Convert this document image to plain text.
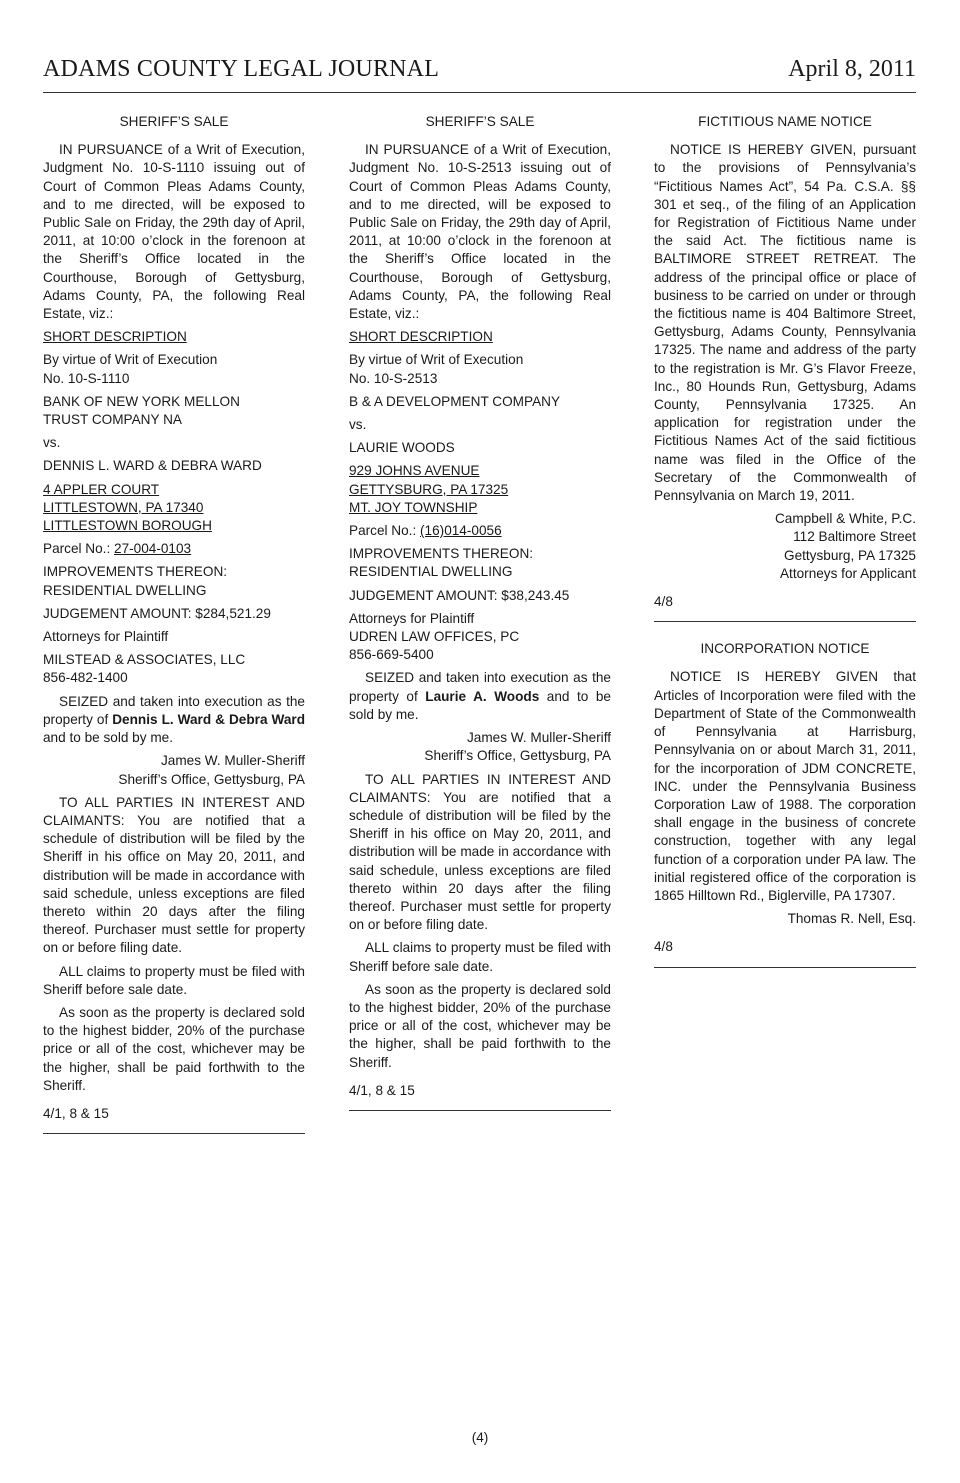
ADAMS COUNTY LEGAL JOURNAL	April 8, 2011
SHERIFF’S SALE

IN PURSUANCE of a Writ of Execution, Judgment No. 10-S-1110 issuing out of Court of Common Pleas Adams County, and to me directed, will be exposed to Public Sale on Friday, the 29th day of April, 2011, at 10:00 o’clock in the forenoon at the Sheriff’s Office located in the Courthouse, Borough of Gettysburg, Adams County, PA, the following Real Estate, viz.:

SHORT DESCRIPTION

By virtue of Writ of Execution
No. 10-S-1110

BANK OF NEW YORK MELLON
TRUST COMPANY NA

vs.

DENNIS L. WARD & DEBRA WARD

4 APPLER COURT
LITTLESTOWN, PA 17340
LITTLESTOWN BOROUGH

Parcel No.: 27-004-0103

IMPROVEMENTS THEREON:
RESIDENTIAL DWELLING

JUDGEMENT AMOUNT: $284,521.29

Attorneys for Plaintiff

MILSTEAD & ASSOCIATES, LLC
856-482-1400

SEIZED and taken into execution as the property of Dennis L. Ward & Debra Ward and to be sold by me.

James W. Muller-Sheriff
Sheriff’s Office, Gettysburg, PA

TO ALL PARTIES IN INTEREST AND CLAIMANTS: You are notified that a schedule of distribution will be filed by the Sheriff in his office on May 20, 2011, and distribution will be made in accordance with said schedule, unless exceptions are filed thereto within 20 days after the filing thereof. Purchaser must settle for property on or before filing date.

ALL claims to property must be filed with Sheriff before sale date.

As soon as the property is declared sold to the highest bidder, 20% of the purchase price or all of the cost, whichever may be the higher, shall be paid forthwith to the Sheriff.

4/1, 8 & 15

SHERIFF’S SALE

IN PURSUANCE of a Writ of Execution, Judgment No. 10-S-2513 issuing out of Court of Common Pleas Adams County, and to me directed, will be exposed to Public Sale on Friday, the 29th day of April, 2011, at 10:00 o’clock in the forenoon at the Sheriff’s Office located in the Courthouse, Borough of Gettysburg, Adams County, PA, the following Real Estate, viz.:

SHORT DESCRIPTION

By virtue of Writ of Execution
No. 10-S-2513

B & A DEVELOPMENT COMPANY

vs.

LAURIE WOODS

929 JOHNS AVENUE
GETTYSBURG, PA 17325
MT. JOY TOWNSHIP

Parcel No.: (16)014-0056

IMPROVEMENTS THEREON:
RESIDENTIAL DWELLING

JUDGEMENT AMOUNT: $38,243.45

Attorneys for Plaintiff
UDREN LAW OFFICES, PC
856-669-5400

SEIZED and taken into execution as the property of Laurie A. Woods and to be sold by me.

James W. Muller-Sheriff
Sheriff’s Office, Gettysburg, PA

TO ALL PARTIES IN INTEREST AND CLAIMANTS: You are notified that a schedule of distribution will be filed by the Sheriff in his office on May 20, 2011, and distribution will be made in accordance with said schedule, unless exceptions are filed thereto within 20 days after the filing thereof. Purchaser must settle for property on or before filing date.

ALL claims to property must be filed with Sheriff before sale date.

As soon as the property is declared sold to the highest bidder, 20% of the purchase price or all of the cost, whichever may be the higher, shall be paid forthwith to the Sheriff.

4/1, 8 & 15

FICTITIOUS NAME NOTICE

NOTICE IS HEREBY GIVEN, pursuant to the provisions of Pennsylvania’s “Fictitious Names Act”, 54 Pa. C.S.A. §§ 301 et seq., of the filing of an Application for Registration of Fictitious Name under the said Act. The fictitious name is BALTIMORE STREET RETREAT. The address of the principal office or place of business to be carried on under or through the fictitious name is 404 Baltimore Street, Gettysburg, Adams County, Pennsylvania 17325. The name and address of the party to the registration is Mr. G’s Flavor Freeze, Inc., 80 Hounds Run, Gettysburg, Adams County, Pennsylvania 17325. An application for registration under the Fictitious Names Act of the said fictitious name was filed in the Office of the Secretary of the Commonwealth of Pennsylvania on March 19, 2011.

Campbell & White, P.C.
112 Baltimore Street
Gettysburg, PA 17325
Attorneys for Applicant

4/8

INCORPORATION NOTICE

NOTICE IS HEREBY GIVEN that Articles of Incorporation were filed with the Department of State of the Commonwealth of Pennsylvania at Harrisburg, Pennsylvania on or about March 31, 2011, for the incorporation of JDM CONCRETE, INC. under the Pennsylvania Business Corporation Law of 1988. The corporation shall engage in the business of concrete construction, together with any legal function of a corporation under PA law. The initial registered office of the corporation is 1865 Hilltown Rd., Biglerville, PA 17307.

Thomas R. Nell, Esq.

4/8

(4)
